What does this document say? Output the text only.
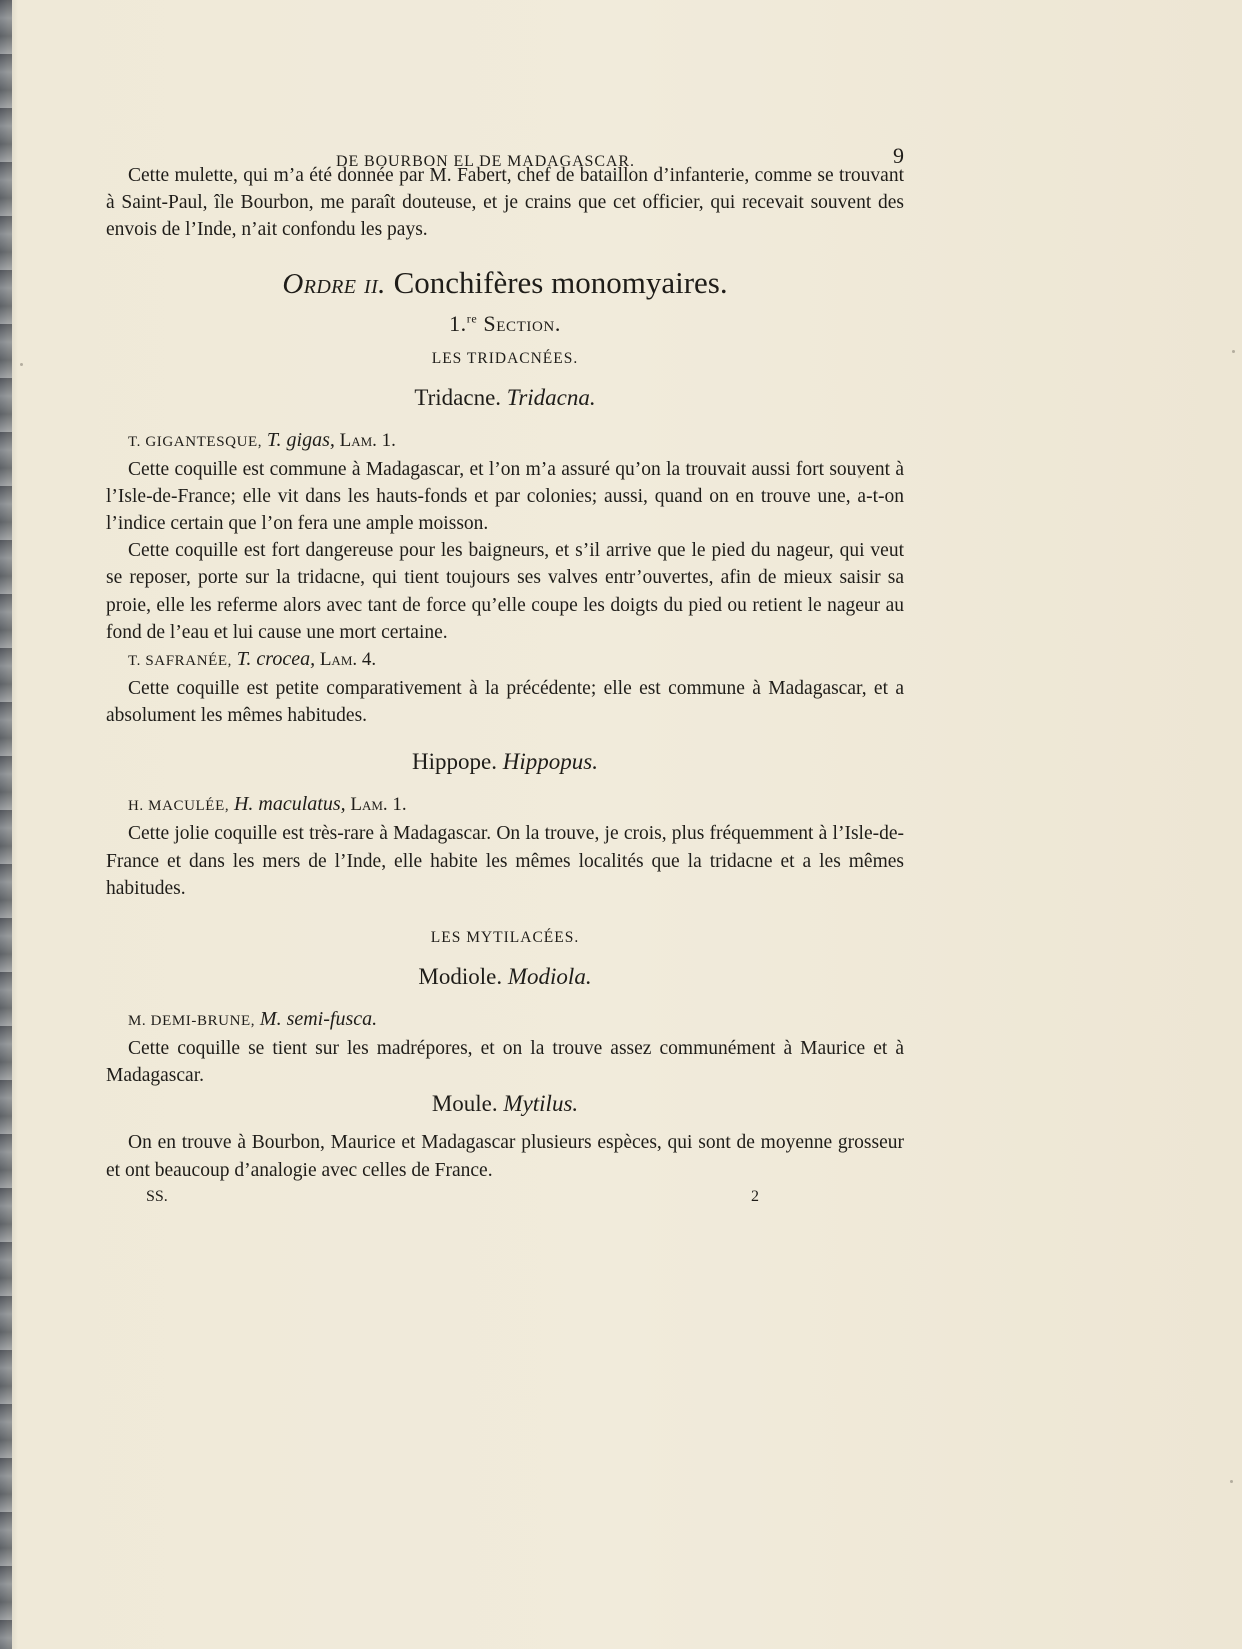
DE BOURBON EL DE MADAGASCAR.	9

Cette mulette, qui m’a été donnée par M. Fabert, chef de bataillon d’infanterie, comme se trouvant à Saint-Paul, île Bourbon, me paraît douteuse, et je crains que cet officier, qui recevait souvent des envois de l’Inde, n’ait confondu les pays.

Ordre ii. Conchifères monomyaires.
1.$^{re}$ Section.
LES TRIDACNÉES.
Tridacne. Tridacna.
T. GIGANTESQUE, T. gigas, Lam. 1.

Cette coquille est commune à Madagascar, et l’on m’a assuré qu’on la trouvait aussi fort souvent à l’Isle-de-France; elle vit dans les hauts-fonds et par colonies; aussi, quand on en trouve une, a-t-on l’indice certain que l’on fera une ample moisson.

Cette coquille est fort dangereuse pour les baigneurs, et s’il arrive que le pied du nageur, qui veut se reposer, porte sur la tridacne, qui tient toujours ses valves entr’ouvertes, afin de mieux saisir sa proie, elle les referme alors avec tant de force qu’elle coupe les doigts du pied ou retient le nageur au fond de l’eau et lui cause une mort certaine.

T. SAFRANÉE, T. crocea, Lam. 4.

Cette coquille est petite comparativement à la précédente; elle est commune à Madagascar, et a absolument les mêmes habitudes.

Hippope. Hippopus.
H. MACULÉE, H. maculatus, Lam. 1.

Cette jolie coquille est très-rare à Madagascar. On la trouve, je crois, plus fréquemment à l’Isle-de-France et dans les mers de l’Inde, elle habite les mêmes localités que la tridacne et a les mêmes habitudes.

LES MYTILACÉES.
Modiole. Modiola.
M. DEMI-BRUNE, M. semi-fusca.

Cette coquille se tient sur les madrépores, et on la trouve assez communément à Maurice et à Madagascar.

Moule. Mytilus.

On en trouve à Bourbon, Maurice et Madagascar plusieurs espèces, qui sont de moyenne grosseur et ont beaucoup d’analogie avec celles de France.

SS.	2
